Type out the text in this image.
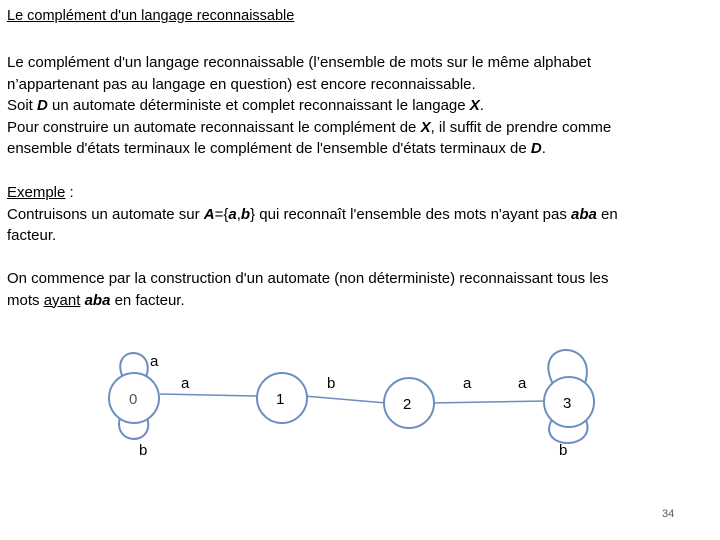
Le complément d'un langage reconnaissable
Le complément d'un langage reconnaissable (l’ensemble de mots sur le même alphabet
n’appartenant pas au langage en question) est encore reconnaissable.
Soit D un automate déterministe et complet reconnaissant le langage X.
Pour construire un automate reconnaissant le complément de X, il suffit de prendre comme
ensemble d'états terminaux le complément de l'ensemble d'états terminaux de D.
Exemple :
Contruisons un automate sur A={a,b} qui reconnaît l'ensemble des mots n'ayant pas aba en
facteur.
On commence par la construction d'un automate (non déterministe) reconnaissant tous les
mots ayant aba en facteur.
0	1	2	3
a
b
a	b	a	a
b
34
